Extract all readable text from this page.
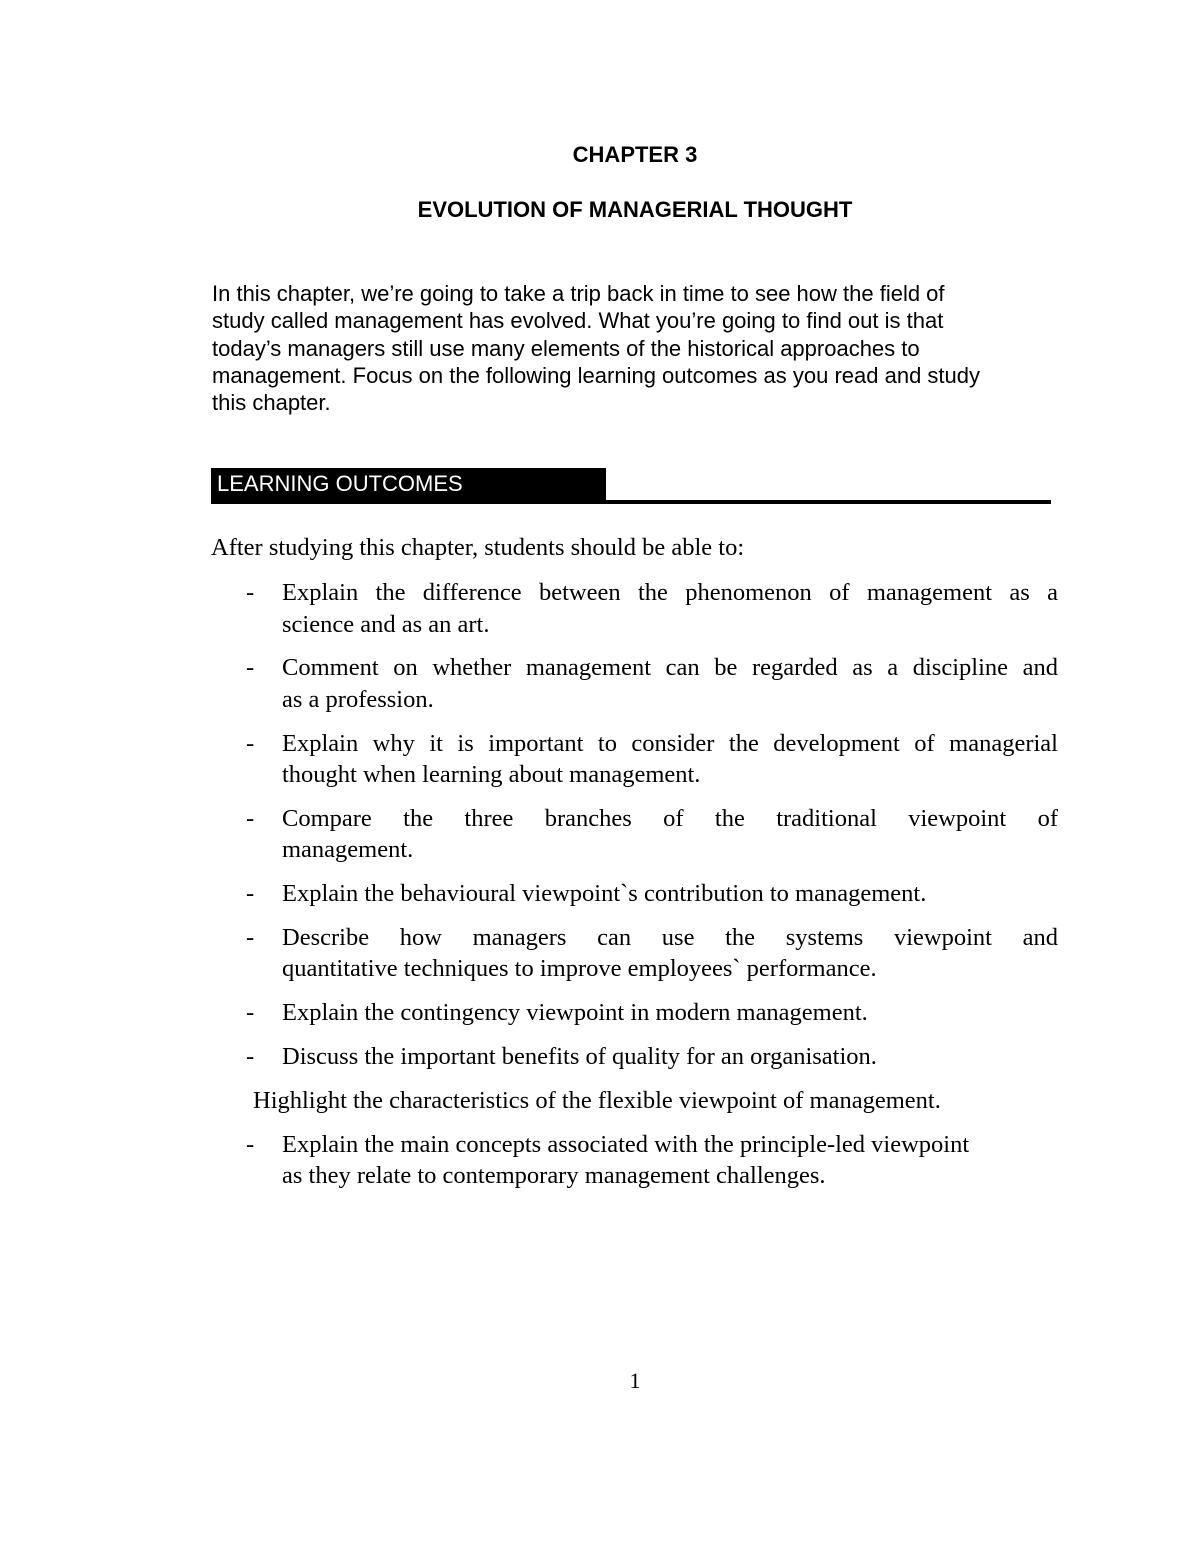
CHAPTER 3
EVOLUTION OF MANAGERIAL THOUGHT
In this chapter, we’re going to take a trip back in time to see how the field of
study called management has evolved. What you’re going to find out is that
today’s managers still use many elements of the historical approaches to
management. Focus on the following learning outcomes as you read and study
this chapter.
LEARNING OUTCOMES
After studying this chapter, students should be able to:
- Explain the difference between the phenomenon of management as a
science and as an art.
- Comment on whether management can be regarded as a discipline and
as a profession.
- Explain why it is important to consider the development of managerial
thought when learning about management.
- Compare the three branches of the traditional viewpoint of
management.
- Explain the behavioural viewpoint`s contribution to management.
- Describe how managers can use the systems viewpoint and
quantitative techniques to improve employees` performance.
- Explain the contingency viewpoint in modern management.
- Discuss the important benefits of quality for an organisation.
Highlight the characteristics of the flexible viewpoint of management.
- Explain the main concepts associated with the principle-led viewpoint
as they relate to contemporary management challenges.
1
